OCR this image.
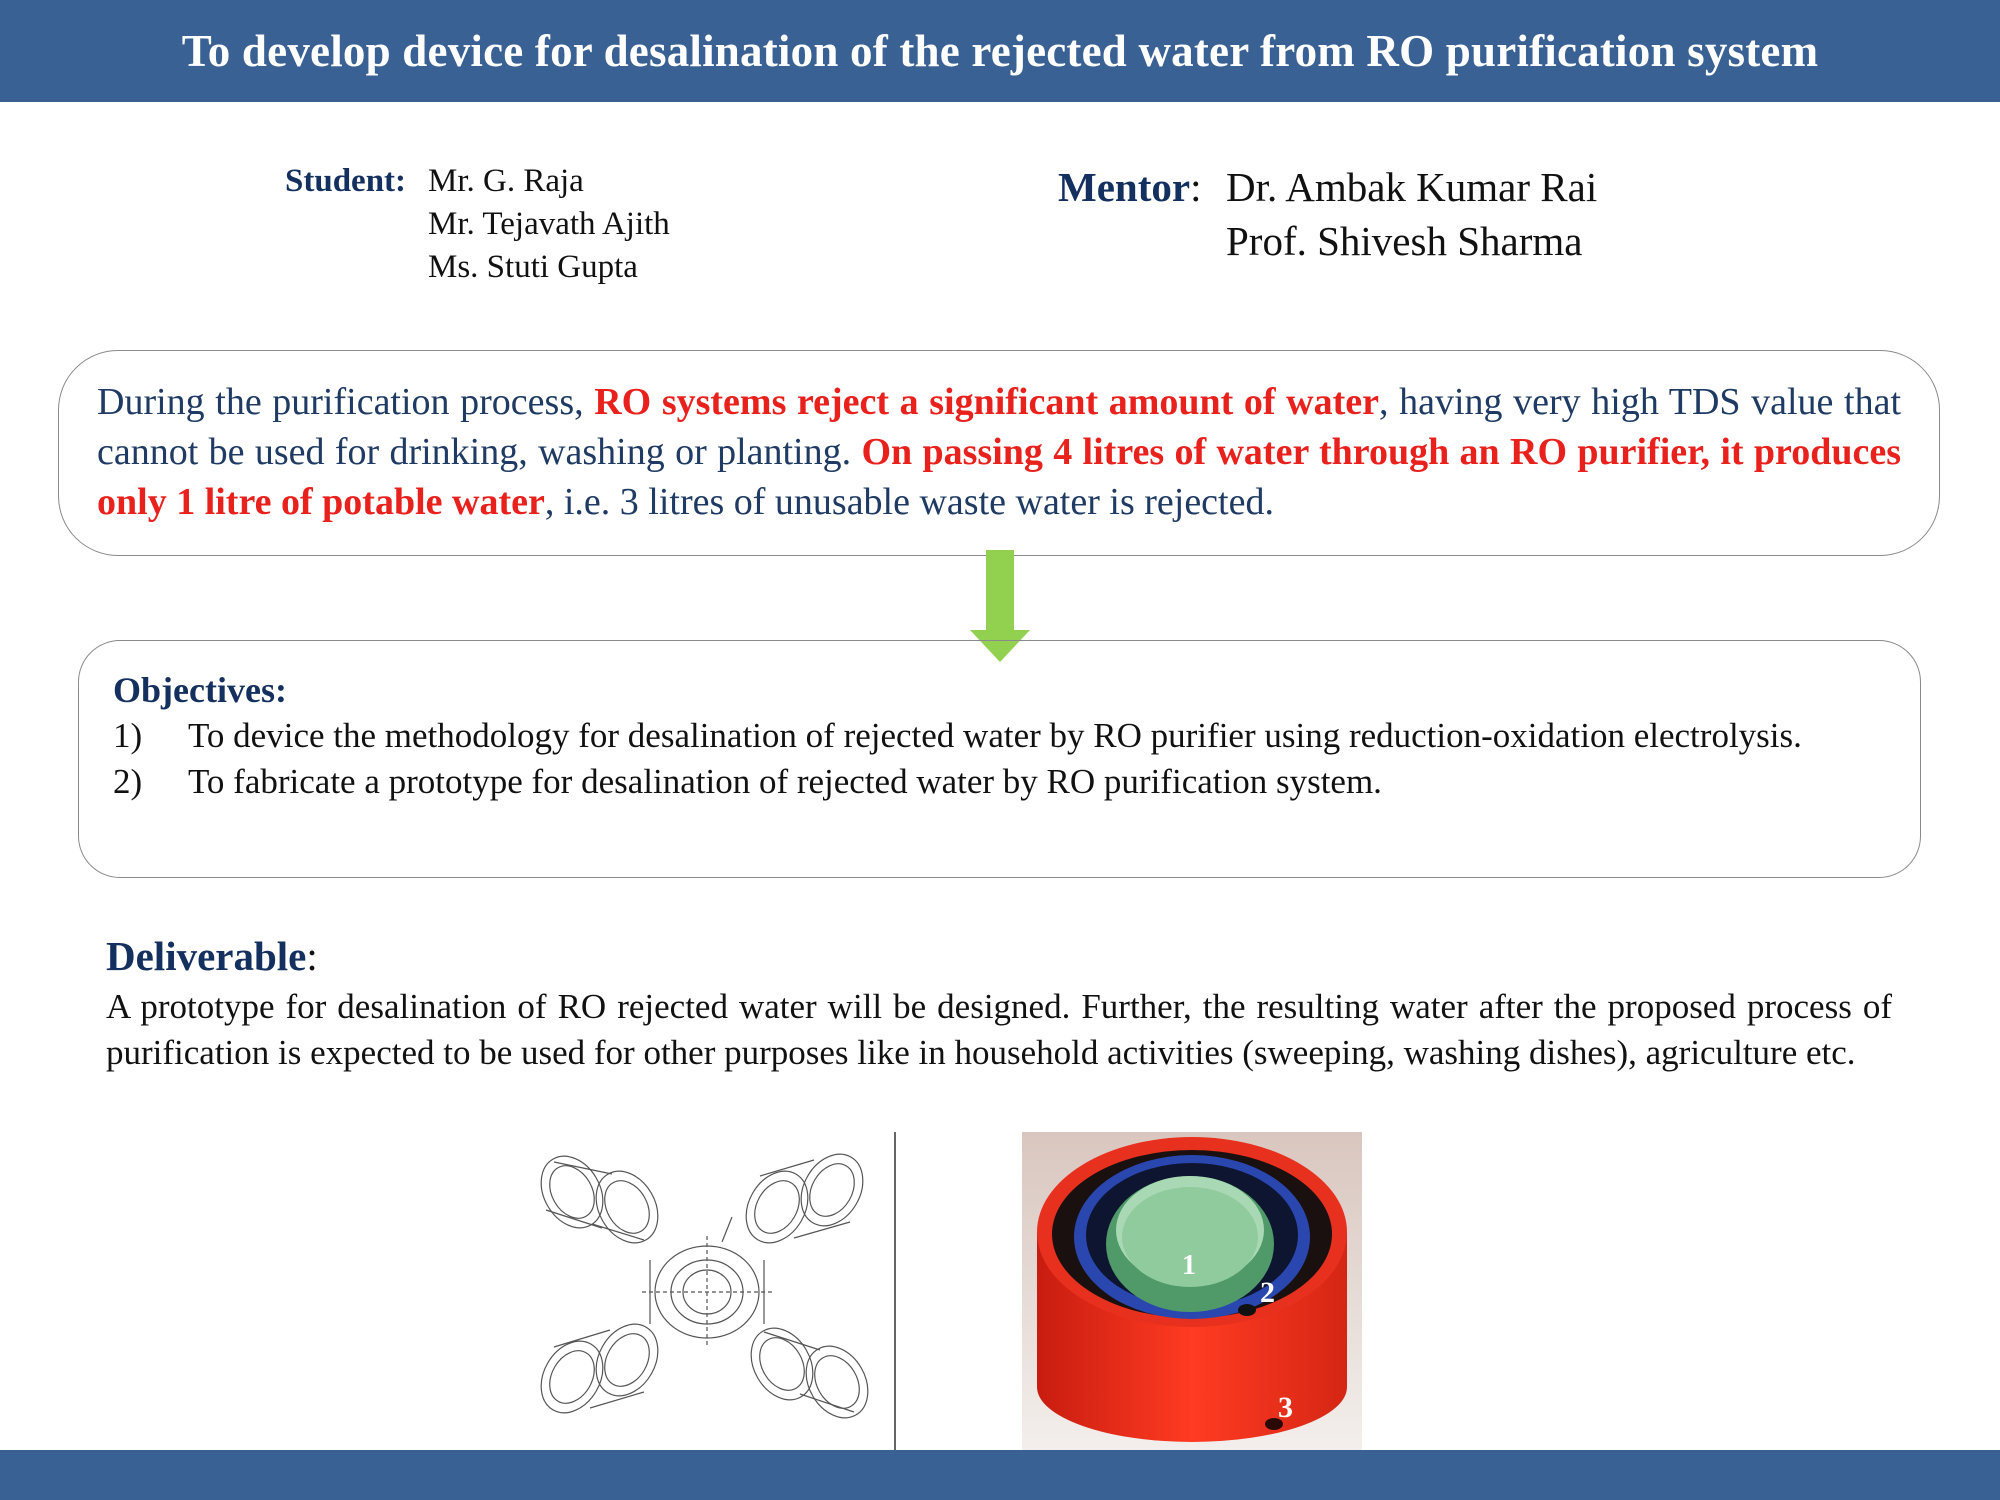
To develop device for desalination of the rejected water from RO purification system
Student: Mr. G. Raja
Mr. Tejavath Ajith
Ms. Stuti Gupta
Mentor: Dr. Ambak Kumar Rai
Prof. Shivesh Sharma

During the purification process, RO systems reject a significant amount of water, having very high TDS value that cannot be used for drinking, washing or planting. On passing 4 litres of water through an RO purifier, it produces only 1 litre of potable water, i.e. 3 litres of unusable waste water is rejected.

Objectives:

1) To device the methodology for desalination of rejected water by RO purifier using reduction-oxidation electrolysis.
2) To fabricate a prototype for desalination of rejected water by RO purification system.

Deliverable:

A prototype for desalination of RO rejected water will be designed. Further, the resulting water after the proposed process of purification is expected to be used for other purposes like in household activities (sweeping, washing dishes), agriculture etc.

1
2
3
